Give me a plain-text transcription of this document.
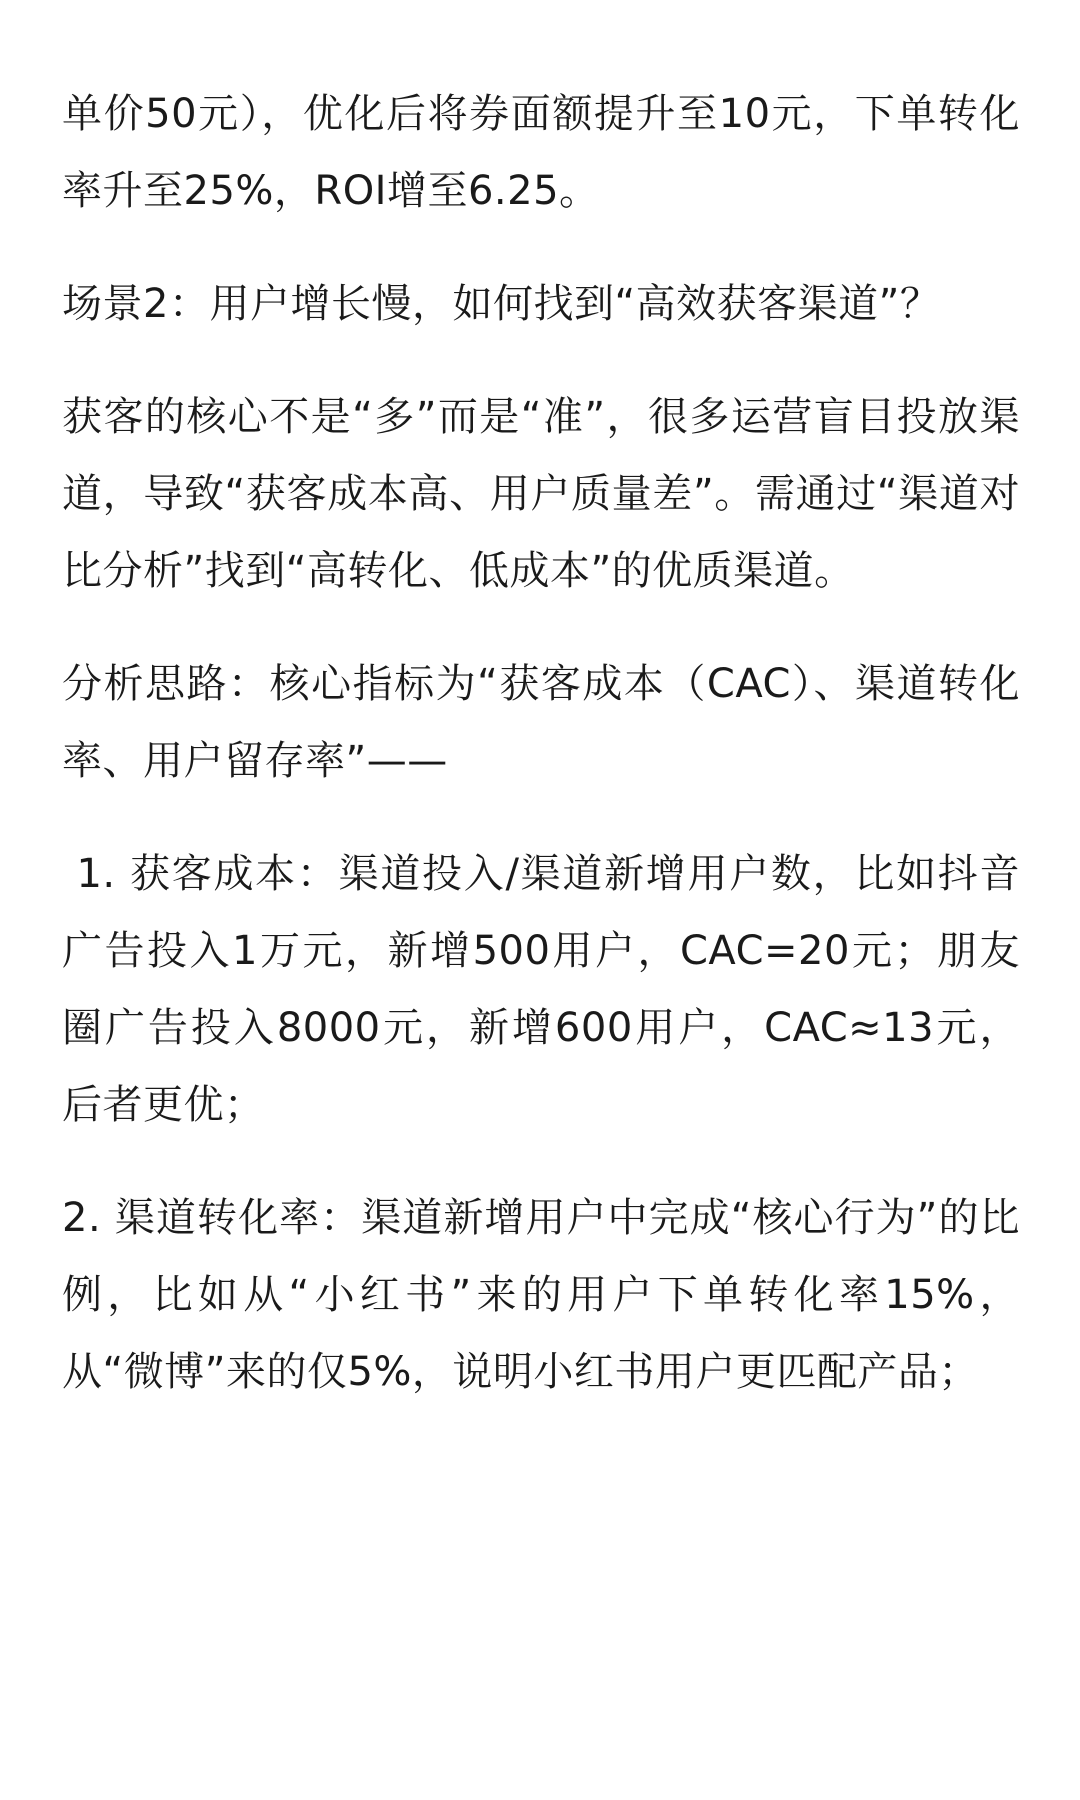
单价50元），优化后将券面额提升至10元，下单转化率升至25%，ROI增至6.25。

场景2：用户增长慢，如何找到“高效获客渠道”？

获客的核心不是“多”而是“准”，很多运营盲目投放渠道，导致“获客成本高、用户质量差”。需通过“渠道对比分析”找到“高转化、低成本”的优质渠道。

分析思路：核心指标为“获客成本（CAC）、渠道转化率、用户留存率”——

1. 获客成本：渠道投入/渠道新增用户数，比如抖音广告投入1万元，新增500用户，CAC=20元；朋友圈广告投入8000元，新增600用户，CAC≈13元，后者更优；

2. 渠道转化率：渠道新增用户中完成“核心行为”的比例，比如从“小红书”来的用户下单转化率15%，从“微博”来的仅5%，说明小红书用户更匹配产品；
